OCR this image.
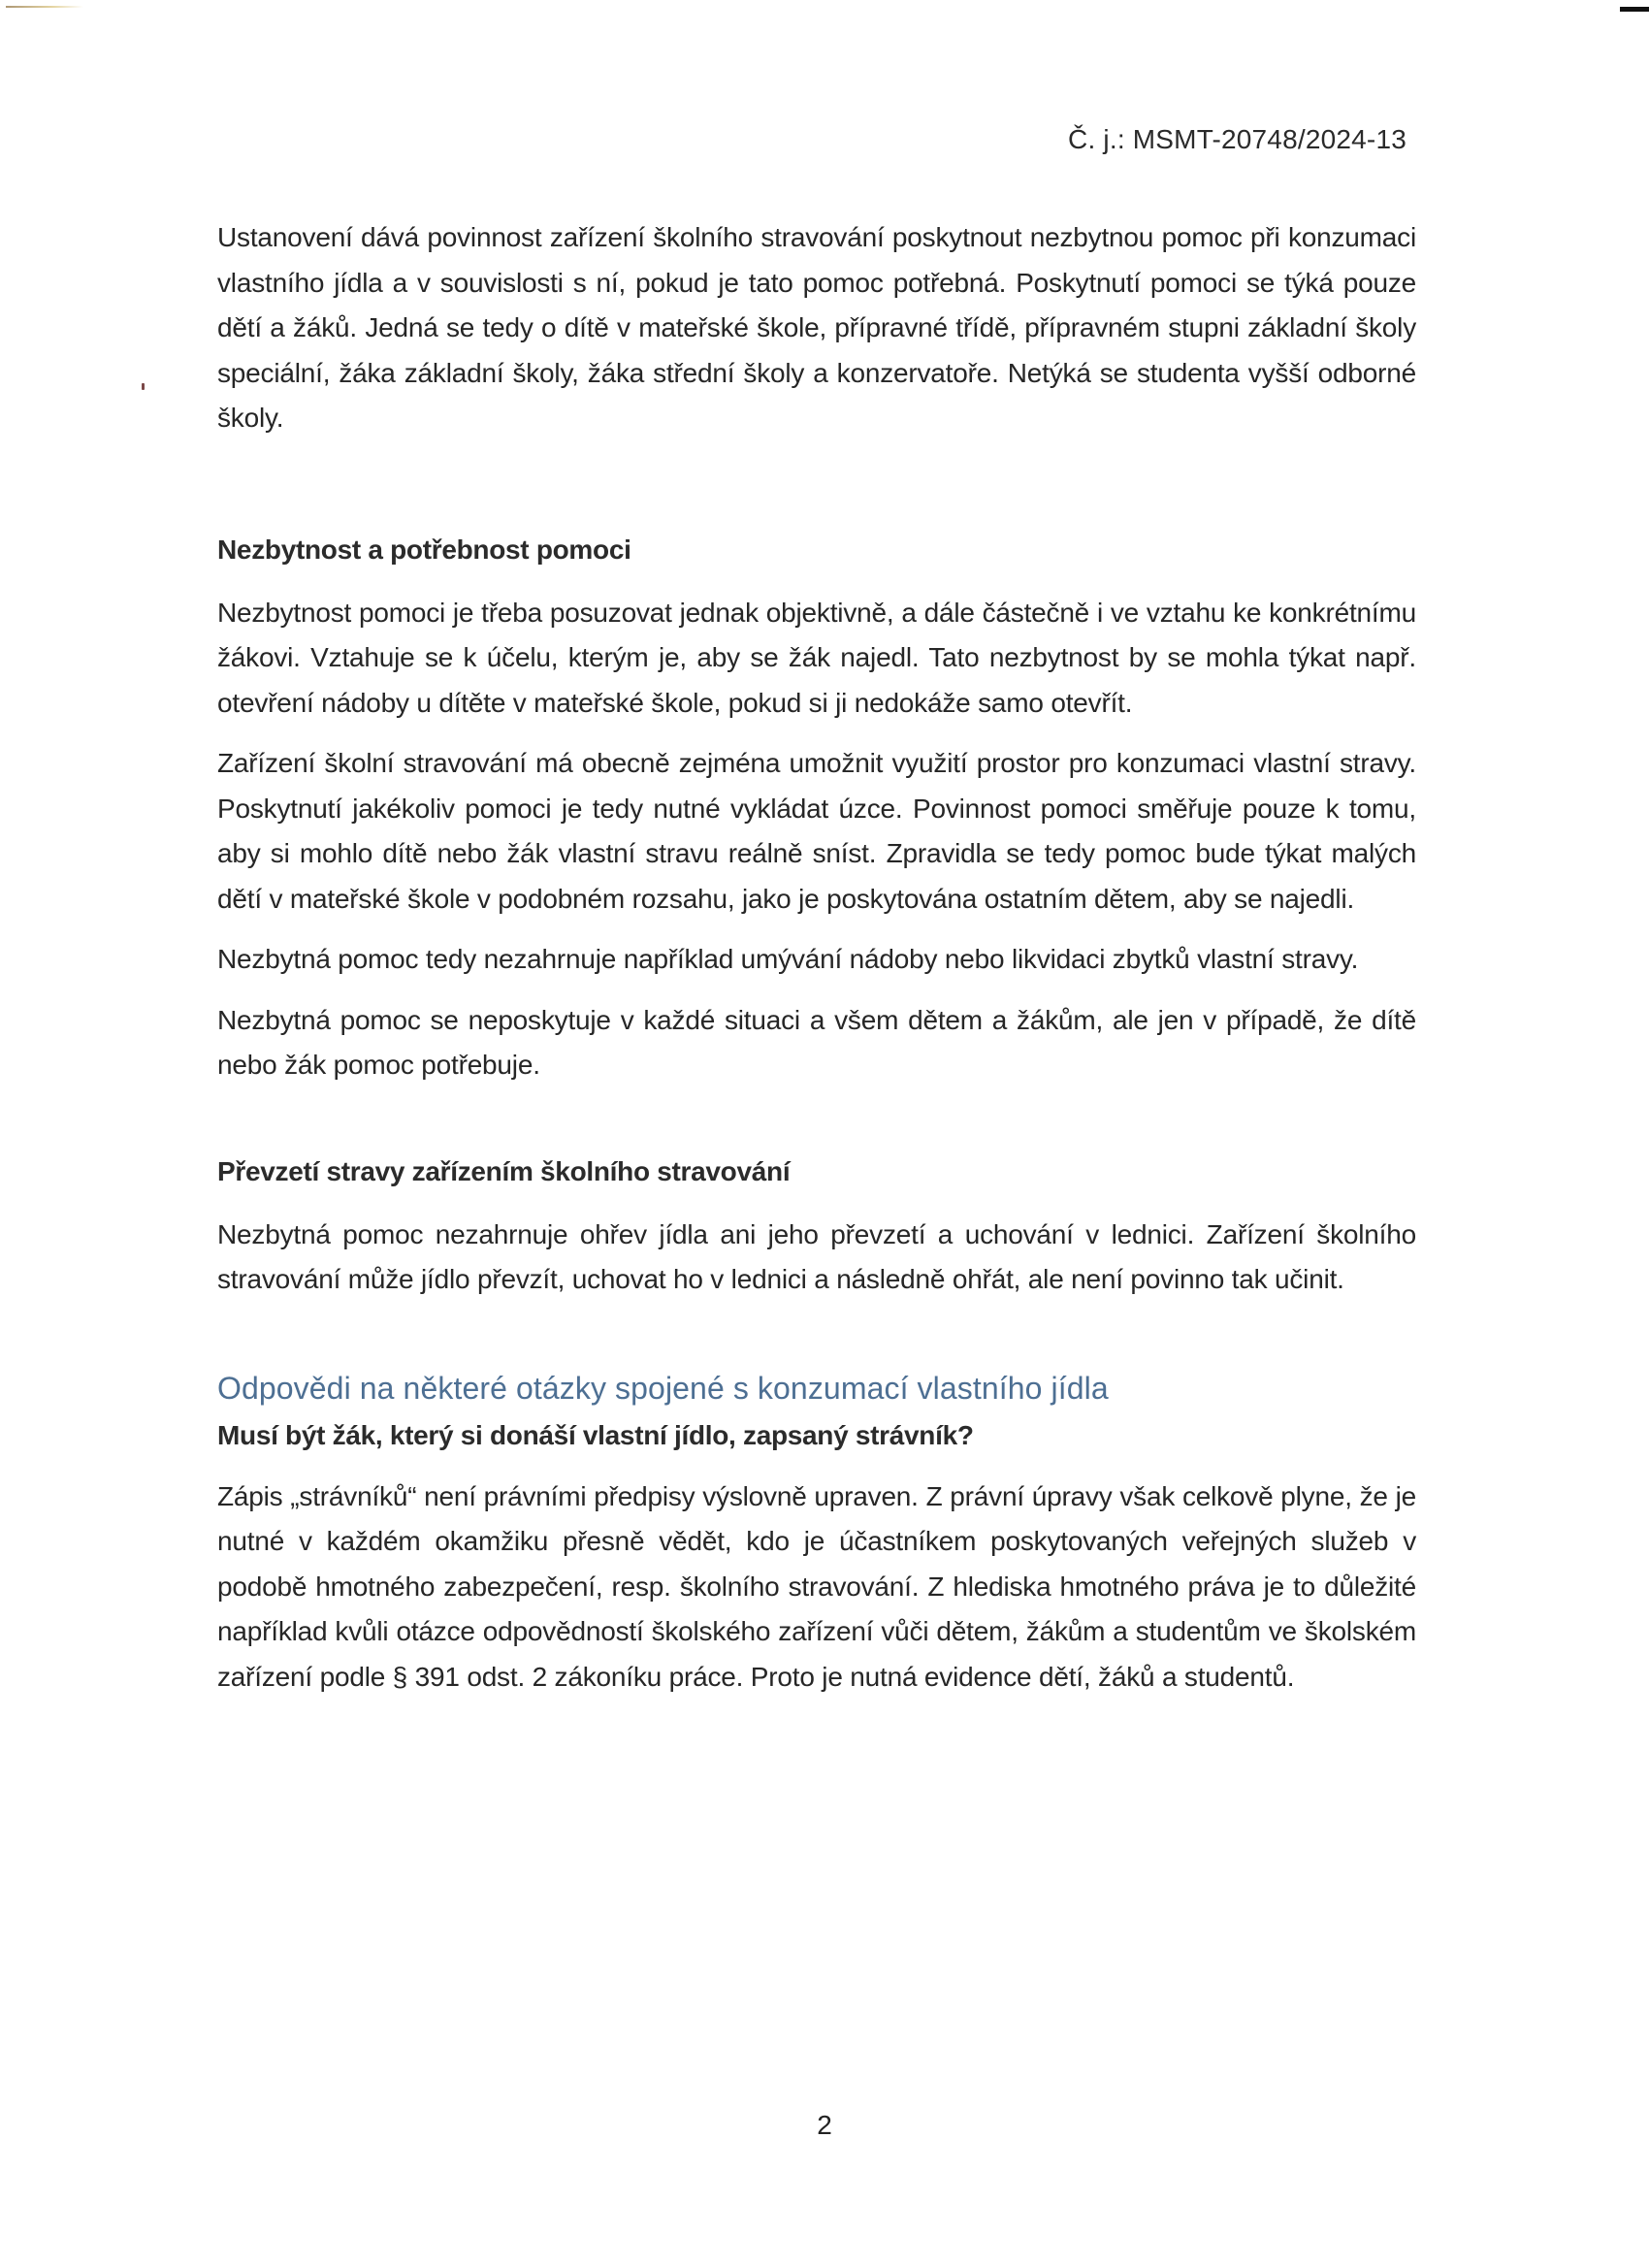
Č. j.: MSMT-20748/2024-13

Ustanovení dává povinnost zařízení školního stravování poskytnout nezbytnou pomoc při konzumaci vlastního jídla a v souvislosti s ní, pokud je tato pomoc potřebná. Poskytnutí pomoci se týká pouze dětí a žáků. Jedná se tedy o dítě v mateřské škole, přípravné třídě, přípravném stupni základní školy speciální, žáka základní školy, žáka střední školy a konzervatoře. Netýká se studenta vyšší odborné školy.

Nezbytnost a potřebnost pomoci

Nezbytnost pomoci je třeba posuzovat jednak objektivně, a dále částečně i ve vztahu ke konkrétnímu žákovi. Vztahuje se k účelu, kterým je, aby se žák najedl. Tato nezbytnost by se mohla týkat např. otevření nádoby u dítěte v mateřské škole, pokud si ji nedokáže samo otevřít.

Zařízení školní stravování má obecně zejména umožnit využití prostor pro konzumaci vlastní stravy. Poskytnutí jakékoliv pomoci je tedy nutné vykládat úzce. Povinnost pomoci směřuje pouze k tomu, aby si mohlo dítě nebo žák vlastní stravu reálně sníst. Zpravidla se tedy pomoc bude týkat malých dětí v mateřské škole v podobném rozsahu, jako je poskytována ostatním dětem, aby se najedli.

Nezbytná pomoc tedy nezahrnuje například umývání nádoby nebo likvidaci zbytků vlastní stravy.

Nezbytná pomoc se neposkytuje v každé situaci a všem dětem a žákům, ale jen v případě, že dítě nebo žák pomoc potřebuje.

Převzetí stravy zařízením školního stravování

Nezbytná pomoc nezahrnuje ohřev jídla ani jeho převzetí a uchování v lednici. Zařízení školního stravování může jídlo převzít, uchovat ho v lednici a následně ohřát, ale není povinno tak učinit.

Odpovědi na některé otázky spojené s konzumací vlastního jídla
Musí být žák, který si donáší vlastní jídlo, zapsaný strávník?

Zápis „strávníků“ není právními předpisy výslovně upraven. Z právní úpravy však celkově plyne, že je nutné v každém okamžiku přesně vědět, kdo je účastníkem poskytovaných veřejných služeb v podobě hmotného zabezpečení, resp. školního stravování. Z hlediska hmotného práva je to důležité například kvůli otázce odpovědností školského zařízení vůči dětem, žákům a studentům ve školském zařízení podle § 391 odst. 2 zákoníku práce. Proto je nutná evidence dětí, žáků a studentů.

2
